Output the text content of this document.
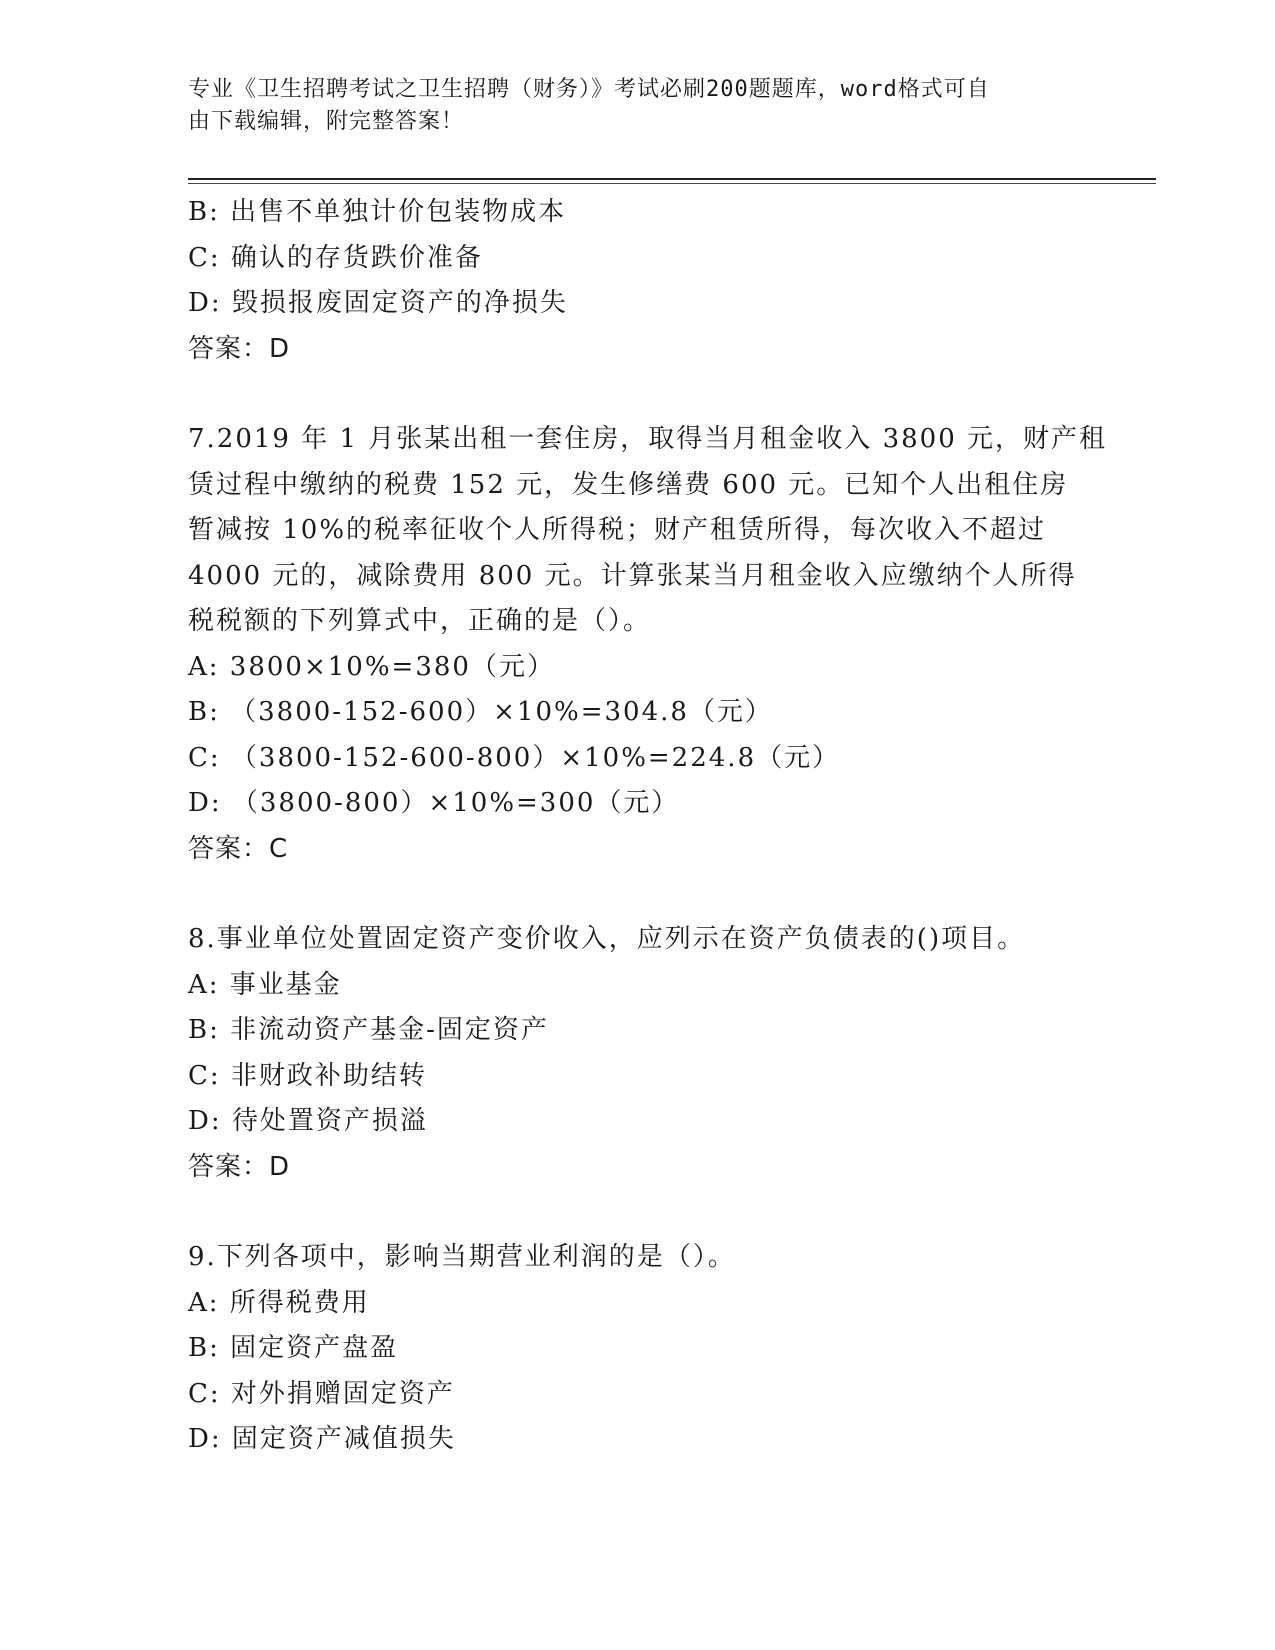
专业《卫生招聘考试之卫生招聘（财务）》考试必刷200题题库，word格式可自
由下载编辑，附完整答案！
B: 出售不单独计价包装物成本
C: 确认的存货跌价准备
D: 毁损报废固定资产的净损失
答案：D
7.2019 年 1 月张某出租一套住房，取得当月租金收入 3800 元，财产租
赁过程中缴纳的税费 152 元，发生修缮费 600 元。已知个人出租住房
暂减按 10%的税率征收个人所得税；财产租赁所得，每次收入不超过
4000 元的，减除费用 800 元。计算张某当月租金收入应缴纳个人所得
税税额的下列算式中，正确的是（）。
A: 3800×10%=380（元）
B: （3800-152-600）×10%=304.8（元）
C: （3800-152-600-800）×10%=224.8（元）
D: （3800-800）×10%=300（元）
答案：C
8.事业单位处置固定资产变价收入，应列示在资产负债表的()项目。
A: 事业基金
B: 非流动资产基金-固定资产
C: 非财政补助结转
D: 待处置资产损溢
答案：D
9.下列各项中，影响当期营业利润的是（）。
A: 所得税费用
B: 固定资产盘盈
C: 对外捐赠固定资产
D: 固定资产减值损失
